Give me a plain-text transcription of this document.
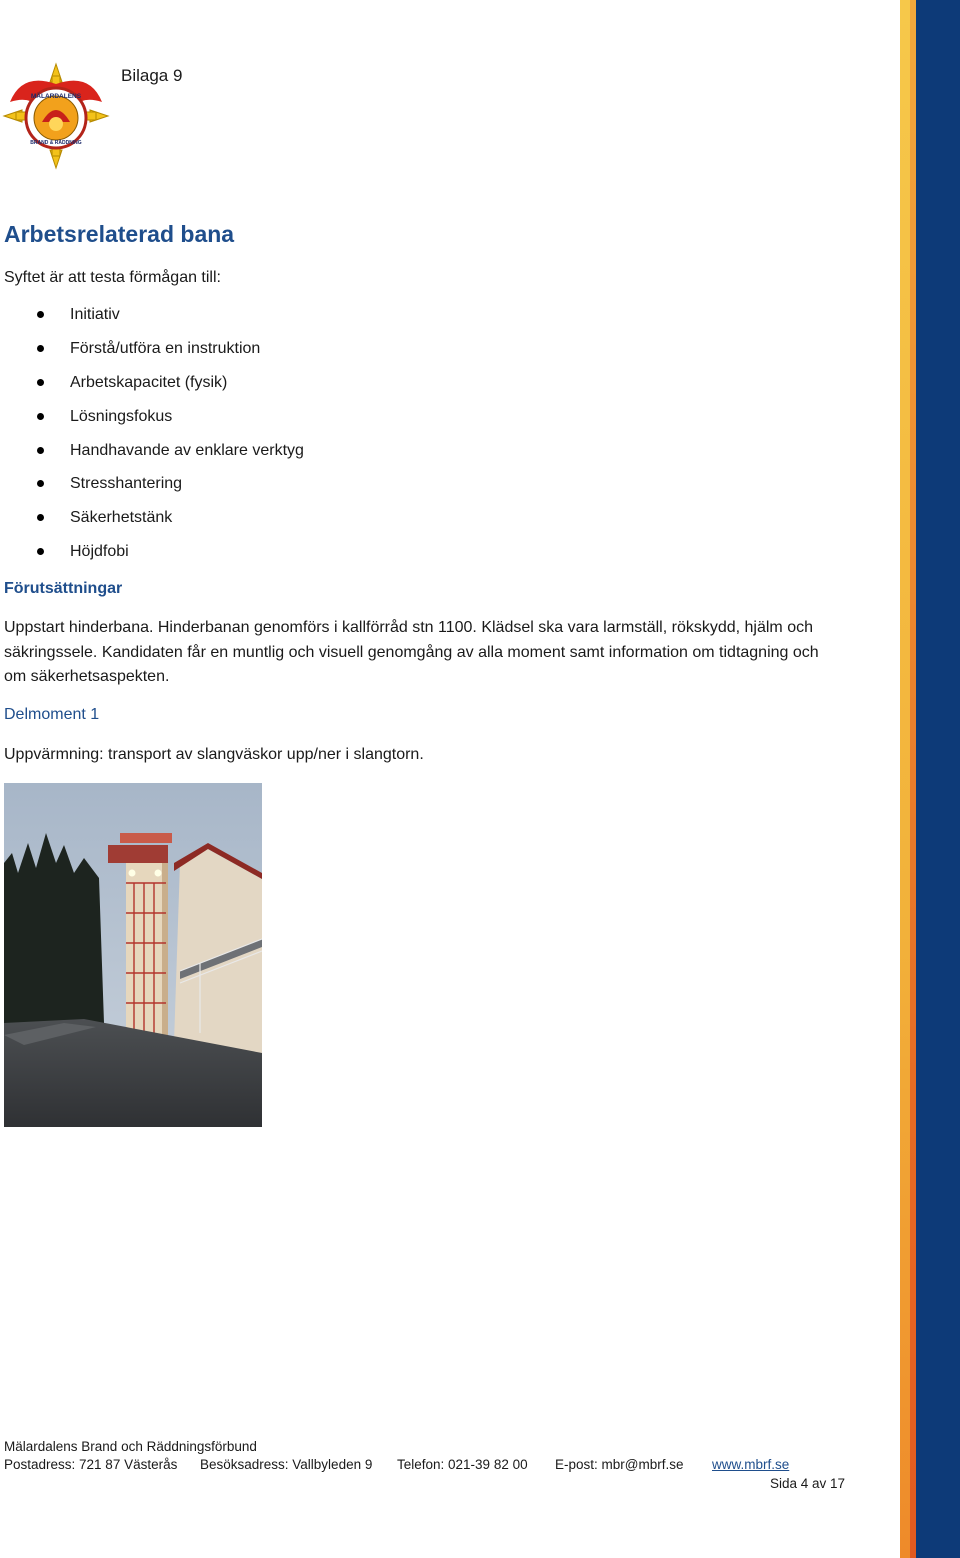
MÄLARDALENS
BRAND & RÄDDNING
Bilaga 9
Arbetsrelaterad bana
Syftet är att testa förmågan till:
Initiativ
Förstå/utföra en instruktion
Arbetskapacitet (fysik)
Lösningsfokus
Handhavande av enklare verktyg
Stresshantering
Säkerhetstänk
Höjdfobi
Förutsättningar
Uppstart hinderbana. Hinderbanan genomförs i kallförråd stn 1100. Klädsel ska vara larmställ, rökskydd, hjälm och säkringssele. Kandidaten får en muntlig och visuell genomgång av alla moment samt information om tidtagning och om säkerhetsaspekten.
Delmoment 1
Uppvärmning: transport av slangväskor upp/ner i slangtorn.
Mälardalens Brand och Räddningsförbund
Postadress: 721 87 Västerås Besöksadress: Vallbyleden 9 Telefon: 021-39 82 00 E-post: mbr@mbrf.se www.mbrf.se
Sida 4 av 17
